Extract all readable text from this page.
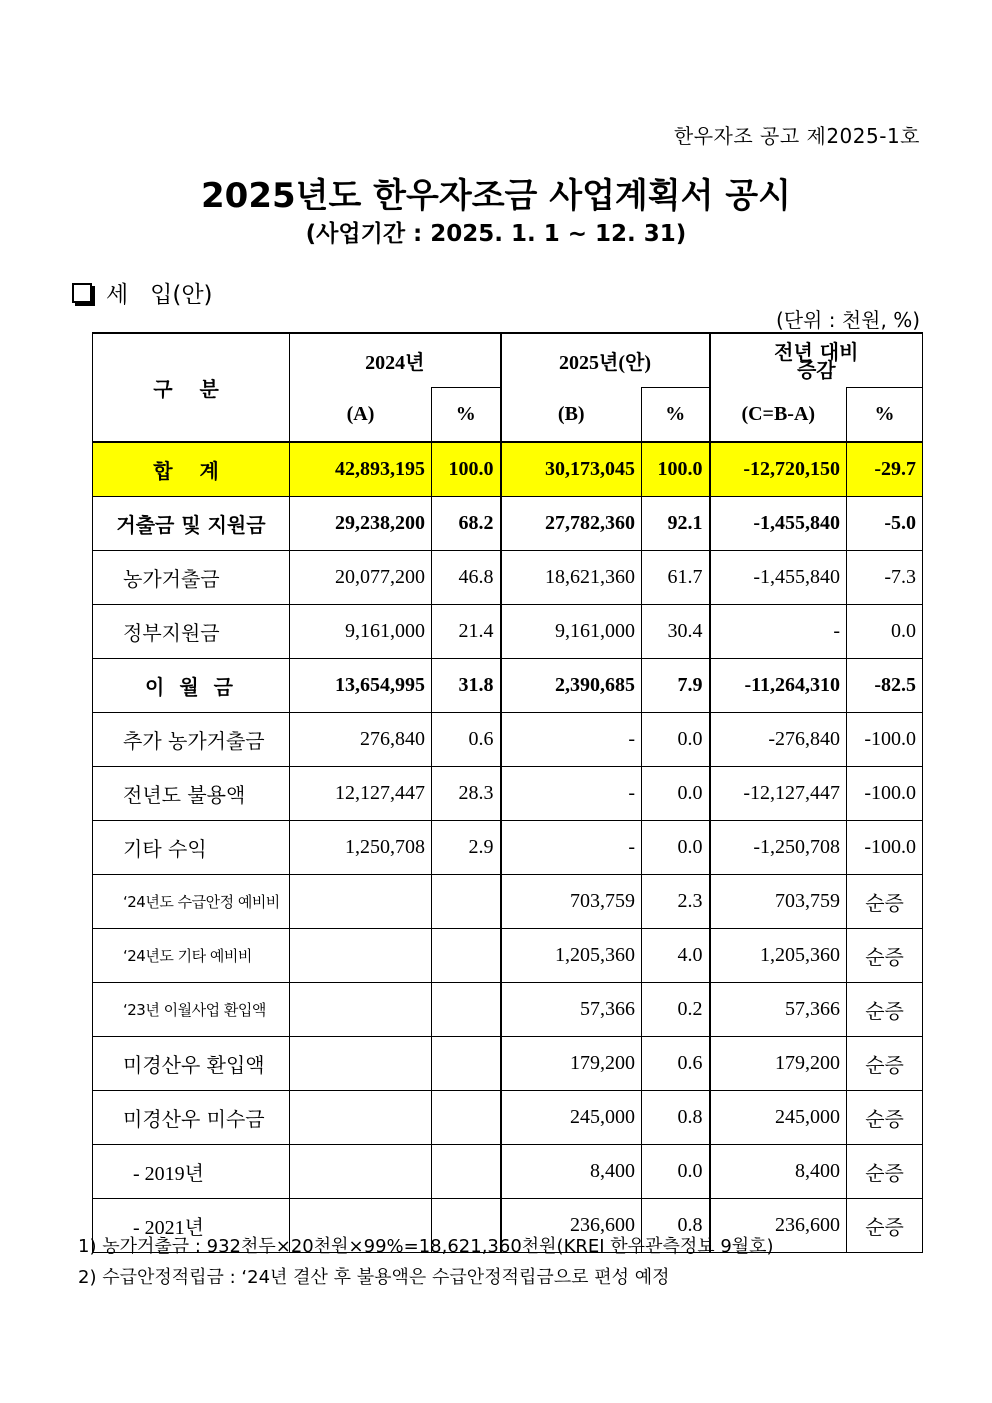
한우자조 공고 제2025-1호
2025년도 한우자조금 사업계획서 공시
(사업기간 : 2025. 1. 1 ~ 12. 31)
세   입(안)
(단위 : 천원, %)
구 분	2024년		2025년(안)		전년 대비
증감	
	(A)	%	(B)	%	(C=B-A)	%
합 계	42,893,195	100.0	30,173,045	100.0	-12,720,150	-29.7
거출금 및 지원금	29,238,200	68.2	27,782,360	92.1	-1,455,840	-5.0
농가거출금	20,077,200	46.8	18,621,360	61.7	-1,455,840	-7.3
정부지원금	9,161,000	21.4	9,161,000	30.4	-	0.0
이 월 금	13,654,995	31.8	2,390,685	7.9	-11,264,310	-82.5
추가 농가거출금	276,840	0.6	-	0.0	-276,840	-100.0
전년도 불용액	12,127,447	28.3	-	0.0	-12,127,447	-100.0
기타 수익	1,250,708	2.9	-	0.0	-1,250,708	-100.0
‘24년도 수급안정 예비비			703,759	2.3	703,759	순증
‘24년도 기타 예비비			1,205,360	4.0	1,205,360	순증
‘23년 이월사업 환입액			57,366	0.2	57,366	순증
미경산우 환입액			179,200	0.6	179,200	순증
미경산우 미수금			245,000	0.8	245,000	순증
- 2019년			8,400	0.0	8,400	순증
- 2021년			236,600	0.8	236,600	순증
1) 농가거출금 : 932천두×20천원×99%=18,621,360천원(KREI 한우관측정보 9월호)
2) 수급안정적립금 : ‘24년 결산 후 불용액은 수급안정적립금으로 편성 예정
